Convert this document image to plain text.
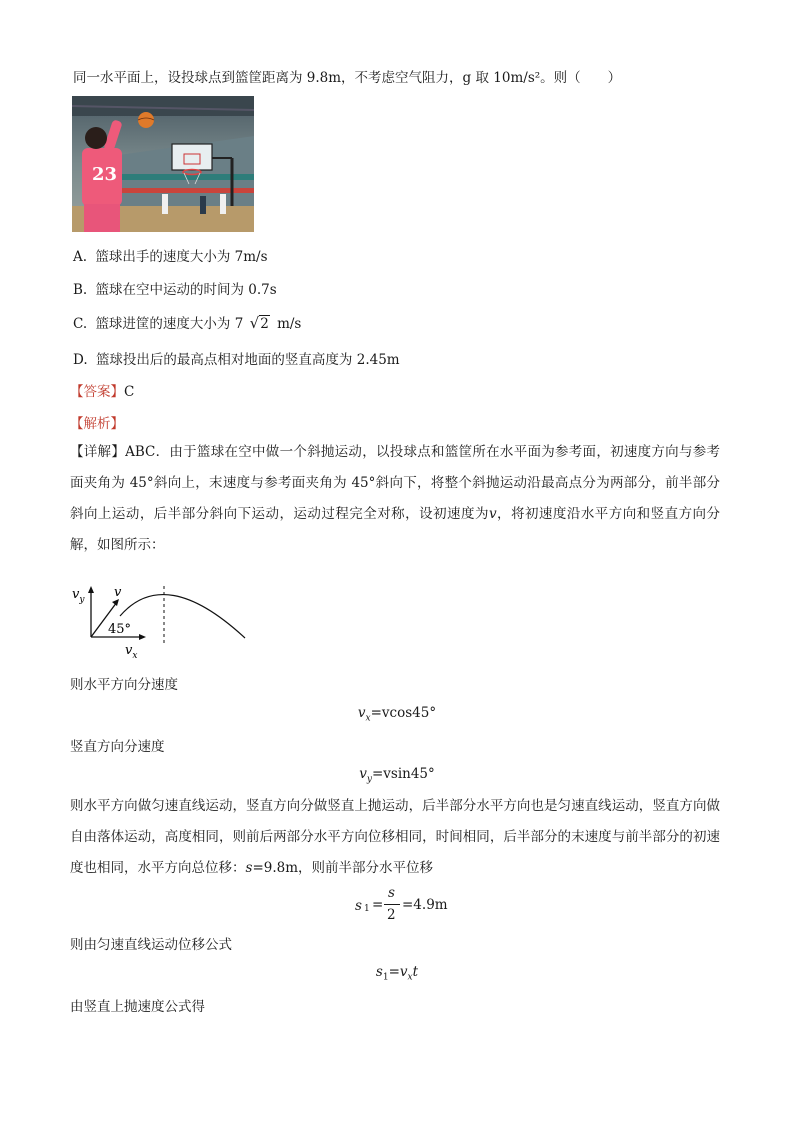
同一水平面上，设投球点到篮筐距离为 9.8m，不考虑空气阻力，g 取 10m/s²。则（　　）
23
A. 篮球出手的速度大小为 7m/s
B. 篮球在空中运动的时间为 0.7s
C. 篮球进筐的速度大小为 7 √2 m/s
D. 篮球投出后的最高点相对地面的竖直高度为 2.45m
【答案】C
【解析】
【详解】ABC．由于篮球在空中做一个斜抛运动，以投球点和篮筐所在水平面为参考面，初速度方向与参考面夹角为 45°斜向上，末速度与参考面夹角为 45°斜向下，将整个斜抛运动沿最高点分为两部分，前半部分斜向上运动，后半部分斜向下运动，运动过程完全对称，设初速度为v，将初速度沿水平方向和竖直方向分解，如图所示：
$v_y$ v
45°
$v_x$
则水平方向分速度
$v_x=vcos45^\circ$
竖直方向分速度
$v_y=vsin45^\circ$
则水平方向做匀速直线运动，竖直方向分做竖直上抛运动，后半部分水平方向也是匀速直线运动，竖直方向做自由落体运动，高度相同，则前后两部分水平方向位移相同，时间相同，后半部分的末速度与前半部分的初速度也相同，水平方向总位移：s=9.8m，则前半部分水平位移
s 1 =
s
2
=4.9m
则由匀速直线运动位移公式
$s_1=v_xt$
由竖直上抛速度公式得
